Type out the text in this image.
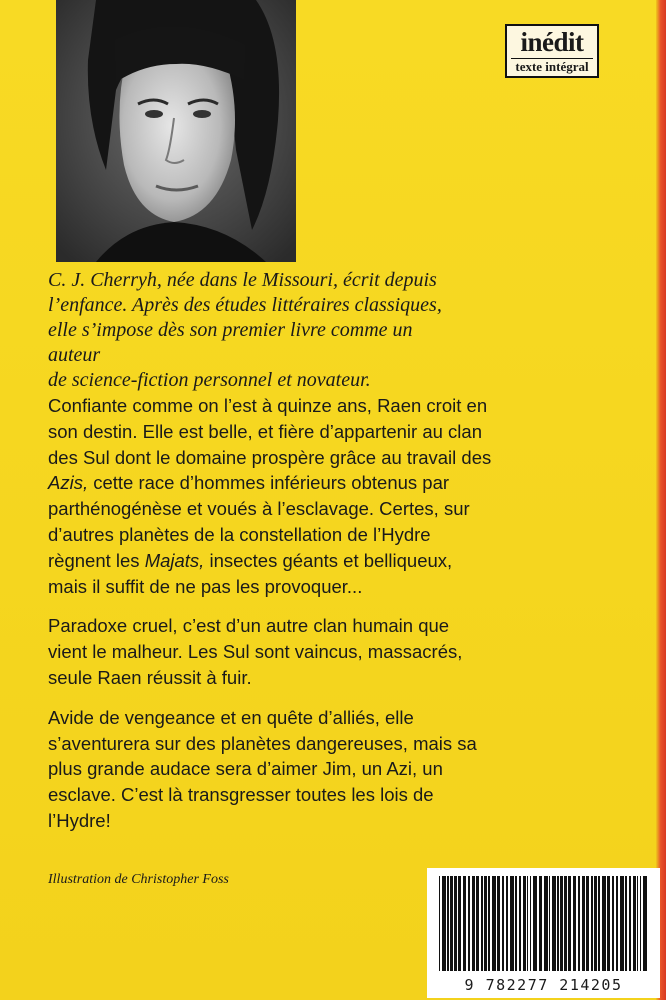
inédit
texte intégral

C. J. Cherryh, née dans le Missouri, écrit depuis

l’enfance. Après des études littéraires classiques,

elle s’impose dès son premier livre comme un auteur

de science-fiction personnel et novateur.

Confiante comme on l’est à quinze ans, Raen croit en
son destin. Elle est belle, et fière d’appartenir au clan
des Sul dont le domaine prospère grâce au travail des
Azis, cette race d’hommes inférieurs obtenus par
parthénogénèse et voués à l’esclavage. Certes, sur
d’autres planètes de la constellation de l’Hydre
règnent les Majats, insectes géants et belliqueux,
mais il suffit de ne pas les provoquer...

Paradoxe cruel, c’est d’un autre clan humain que
vient le malheur. Les Sul sont vaincus, massacrés,
seule Raen réussit à fuir.

Avide de vengeance et en quête d’alliés, elle
s’aventurera sur des planètes dangereuses, mais sa
plus grande audace sera d’aimer Jim, un Azi, un
esclave. C’est là transgresser toutes les lois de
l’Hydre!

Illustration de Christopher Foss
9 782277 214205
